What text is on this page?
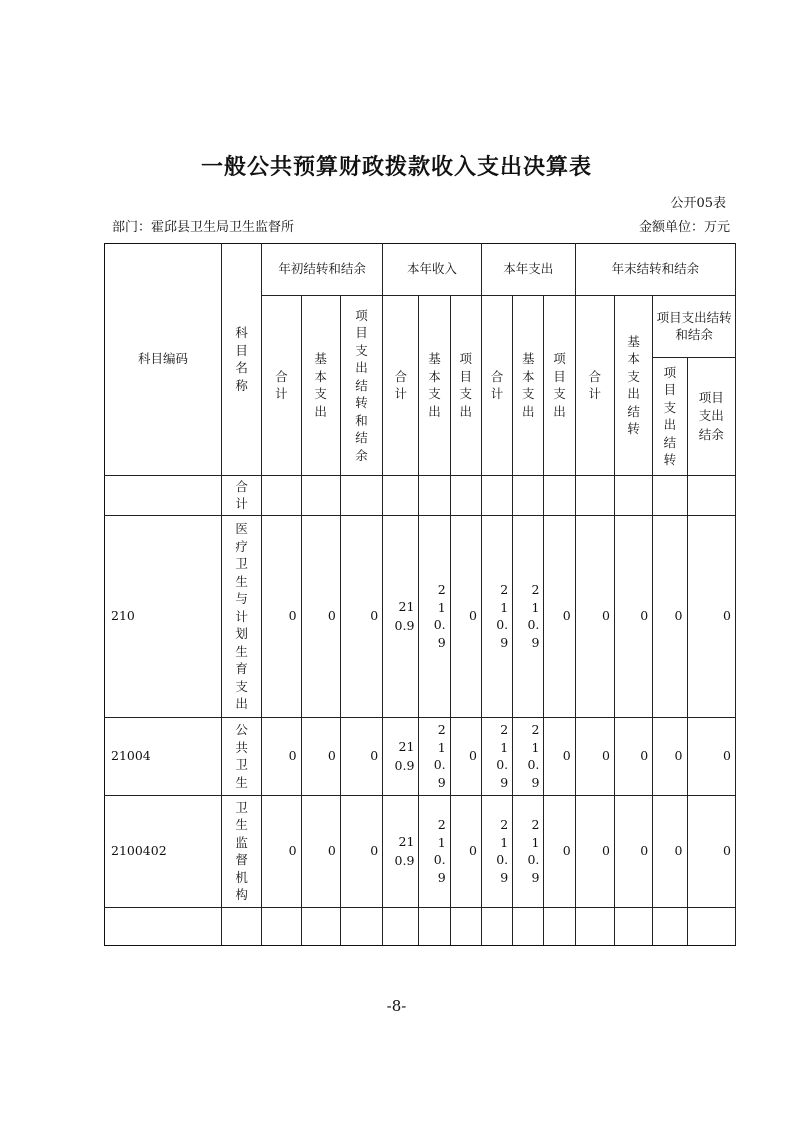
一般公共预算财政拨款收入支出决算表
公开05表
部门：霍邱县卫生局卫生监督所	金额单位：万元
科目编码	科目名称	年初结转和结余			本年收入			本年支出			年末结转和结余			
		合计	基本支出	项目支出结转和结余	合计	基本支出	项目支出	合计	基本支出	项目支出	合计	基本支出结转	项目支出结转和结余	
													项目支出结转	项目支出结余
	合计													
210	医疗卫生与计划生育支出	0	0	0	210.9	210.9	0	210.9	210.9	0	0	0	0	0
21004	公共卫生	0	0	0	210.9	210.9	0	210.9	210.9	0	0	0	0	0
2100402	卫生监督机构	0	0	0	210.9	210.9	0	210.9	210.9	0	0	0	0	0

-8-
